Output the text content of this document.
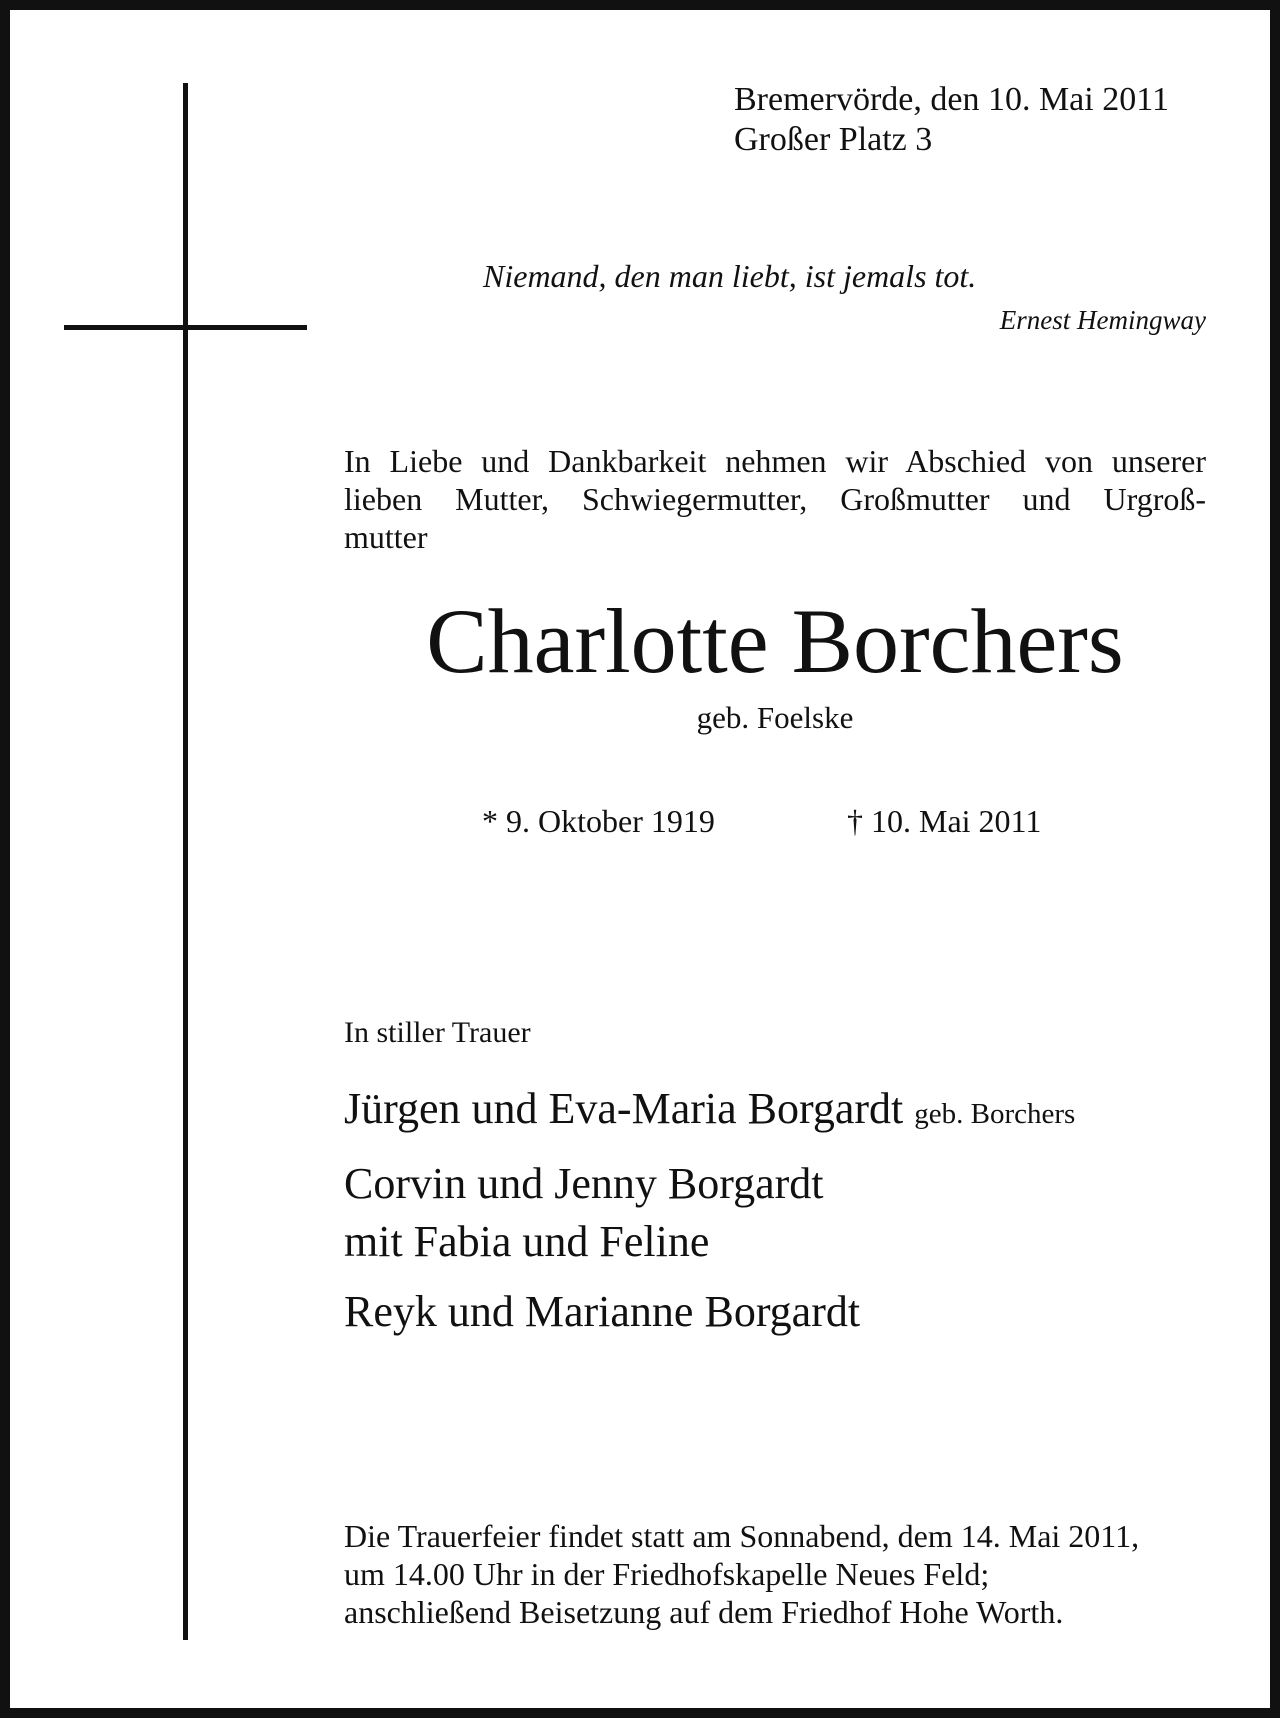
Bremervörde, den 10. Mai 2011
Großer Platz 3
Niemand, den man liebt, ist jemals tot.
Ernest Hemingway
In Liebe und Dankbarkeit nehmen wir Abschied von unserer
lieben Mutter, Schwiegermutter, Großmutter und Urgroß-
mutter
Charlotte Borchers
geb. Foelske
* 9. Oktober 1919	† 10. Mai 2011
In stiller Trauer
Jürgen und Eva-Maria Borgardt geb. Borchers
Corvin und Jenny Borgardt
mit Fabia und Feline
Reyk und Marianne Borgardt
Die Trauerfeier findet statt am Sonnabend, dem 14. Mai 2011,
um 14.00 Uhr in der Friedhofskapelle Neues Feld;
anschließend Beisetzung auf dem Friedhof Hohe Worth.
